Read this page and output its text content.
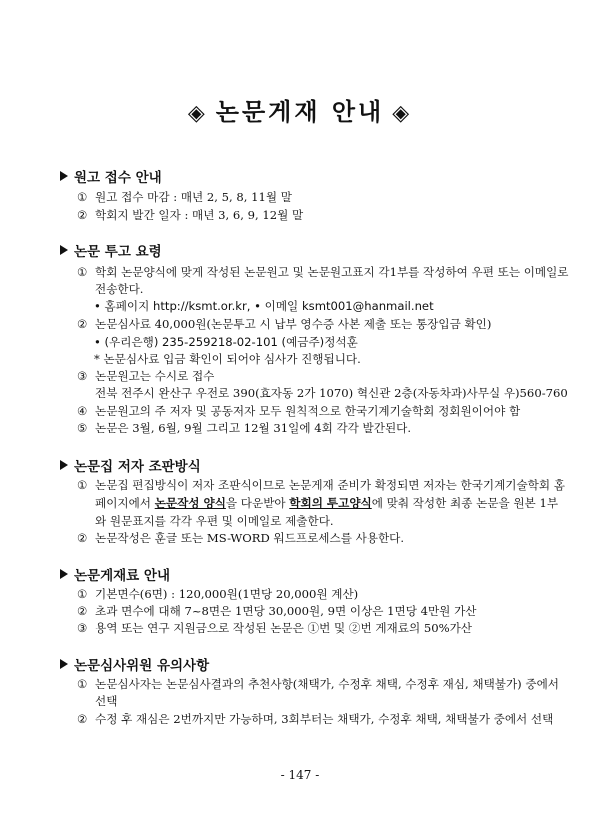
◈ 논문게재 안내 ◈
원고 접수 안내
① 원고 접수 마감 : 매년 2, 5, 8, 11월 말
② 학회지 발간 일자 : 매년 3, 6, 9, 12월 말
논문 투고 요령
① 학회 논문양식에 맞게 작성된 논문원고 및 논문원고표지 각1부를 작성하여 우편 또는 이메일로
전송한다.
• 홈페이지 http://ksmt.or.kr, • 이메일 ksmt001@hanmail.net
② 논문심사료 40,000원(논문투고 시 납부 영수증 사본 제출 또는 통장입금 확인)
• (우리은행) 235-259218-02-101 (예금주)정석훈
* 논문심사료 입금 확인이 되어야 심사가 진행됩니다.
③ 논문원고는 수시로 접수
전북 전주시 완산구 우전로 390(효자동 2가 1070) 혁신관 2층(자동차과)사무실 우)560-760
④ 논문원고의 주 저자 및 공동저자 모두 원칙적으로 한국기계기술학회 정회원이어야 함
⑤ 논문은 3월, 6월, 9월 그리고 12월 31일에 4회 각각 발간된다.
논문집 저자 조판방식
① 논문집 편집방식이 저자 조판식이므로 논문게재 준비가 확정되면 저자는 한국기계기술학회 홈
페이지에서 논문작성 양식을 다운받아 학회의 투고양식에 맞춰 작성한 최종 논문을 원본 1부
와 원문표지를 각각 우편 및 이메일로 제출한다.
② 논문작성은 훈글 또는 MS-WORD 워드프로세스를 사용한다.
논문게재료 안내
① 기본면수(6면) : 120,000원(1면당 20,000원 계산)
② 초과 면수에 대해 7~8면은 1면당 30,000원, 9면 이상은 1면당 4만원 가산
③ 용역 또는 연구 지원금으로 작성된 논문은 ①번 및 ②번 게재료의 50%가산
논문심사위원 유의사항
① 논문심사자는 논문심사결과의 추천사항(채택가, 수정후 채택, 수정후 재심, 채택불가) 중에서
선택
② 수정 후 재심은 2번까지만 가능하며, 3회부터는 채택가, 수정후 채택, 채택불가 중에서 선택
- 147 -
